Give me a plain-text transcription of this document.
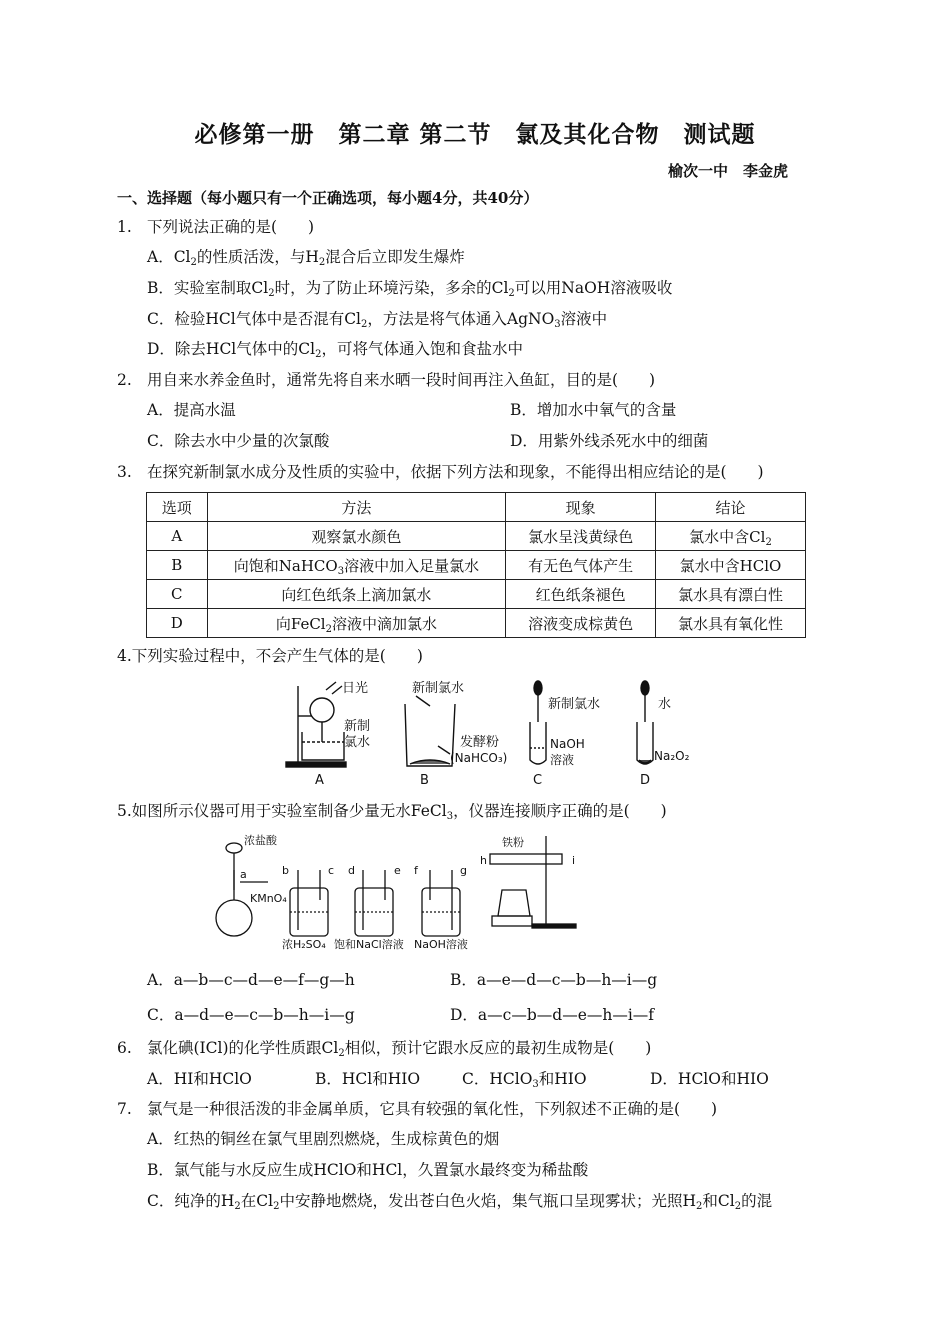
必修第一册　第二章 第二节　氯及其化合物　测试题
榆次一中　李金虎
一、选择题（每小题只有一个正确选项，每小题4分，共40分）
1. 下列说法正确的是(　　)
A．$Cl_2$的性质活泼，与$H_2$混合后立即发生爆炸
B．实验室制取$Cl_2$时，为了防止环境污染，多余的$Cl_2$可以用NaOH溶液吸收
C．检验HCl气体中是否混有$Cl_2$，方法是将气体通入AgNO$_3$溶液中
D．除去HCl气体中的$Cl_2$，可将气体通入饱和食盐水中
2. 用自来水养金鱼时，通常先将自来水晒一段时间再注入鱼缸，目的是(　　)
A．提高水温	B．增加水中氧气的含量
C．除去水中少量的次氯酸	D．用紫外线杀死水中的细菌
3. 在探究新制氯水成分及性质的实验中，依据下列方法和现象，不能得出相应结论的是(　　)
选项	方法	现象	结论
A	观察氯水颜色	氯水呈浅黄绿色	氯水中含$Cl_2$
B	向饱和NaHCO$_3$溶液中加入足量氯水	有无色气体产生	氯水中含HClO
C	向红色纸条上滴加氯水	红色纸条褪色	氯水具有漂白性
D	向FeCl$_2$溶液中滴加氯水	溶液变成棕黄色	氯水具有氧化性
4.下列实验过程中，不会产生气体的是(　　)
日光
新制
氯水
新制氯水
发酵粉
(NaHCO₃)
新制氯水
NaOH
溶液
水
Na₂O₂
A	B	C	D
5.如图所示仪器可用于实验室制备少量无水FeCl$_3$，仪器连接顺序正确的是(　　)
浓盐酸
KMnO₄
铁粉
浓H₂SO₄ 饱和NaCl溶液 NaOH溶液
a	b	c d	e f	g
h	i
A．a—b—c—d—e—f—g—h	B．a—e—d—c—b—h—i—g
C．a—d—e—c—b—h—i—g	D．a—c—b—d—e—h—i—f
6. 氯化碘(ICl)的化学性质跟$Cl_2$相似，预计它跟水反应的最初生成物是(　　)
A．HI和HClO	B．HCl和HIO	C．HClO$_3$和HIO	D．HClO和HIO
7. 氯气是一种很活泼的非金属单质，它具有较强的氧化性，下列叙述不正确的是(　　)
A．红热的铜丝在氯气里剧烈燃烧，生成棕黄色的烟
B．氯气能与水反应生成HClO和HCl，久置氯水最终变为稀盐酸
C．纯净的$H_2$在$Cl_2$中安静地燃烧，发出苍白色火焰，集气瓶口呈现雾状；光照$H_2$和$Cl_2$的混
